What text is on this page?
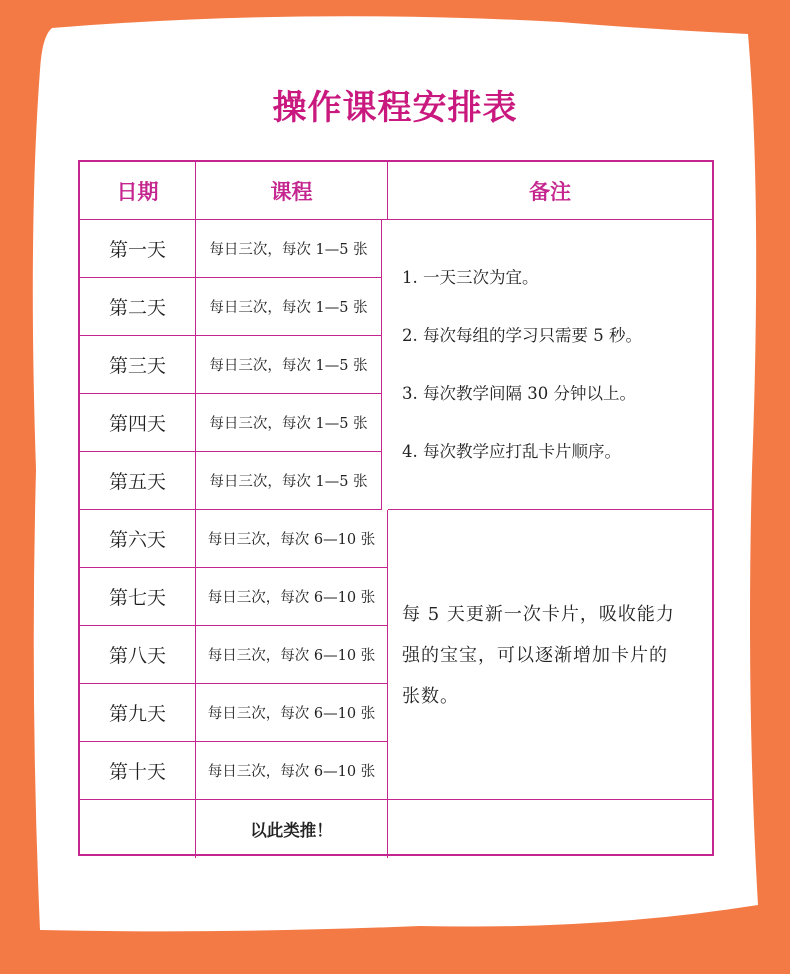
操作课程安排表
日期	课程	备注
第一天
第二天
第三天
第四天
第五天
第六天
第七天
第八天
第九天
第十天
每日三次，每次 1—5 张
每日三次，每次 1—5 张
每日三次，每次 1—5 张
每日三次，每次 1—5 张
每日三次，每次 1—5 张
每日三次，每次 6—10 张
每日三次，每次 6—10 张
每日三次，每次 6—10 张
每日三次，每次 6—10 张
每日三次，每次 6—10 张
1. 一天三次为宜。
2. 每次每组的学习只需要 5 秒。
3. 每次教学间隔 30 分钟以上。
4. 每次教学应打乱卡片顺序。
每 5 天更新一次卡片，吸收能力
强的宝宝，可以逐渐增加卡片的
张数。
以此类推！
